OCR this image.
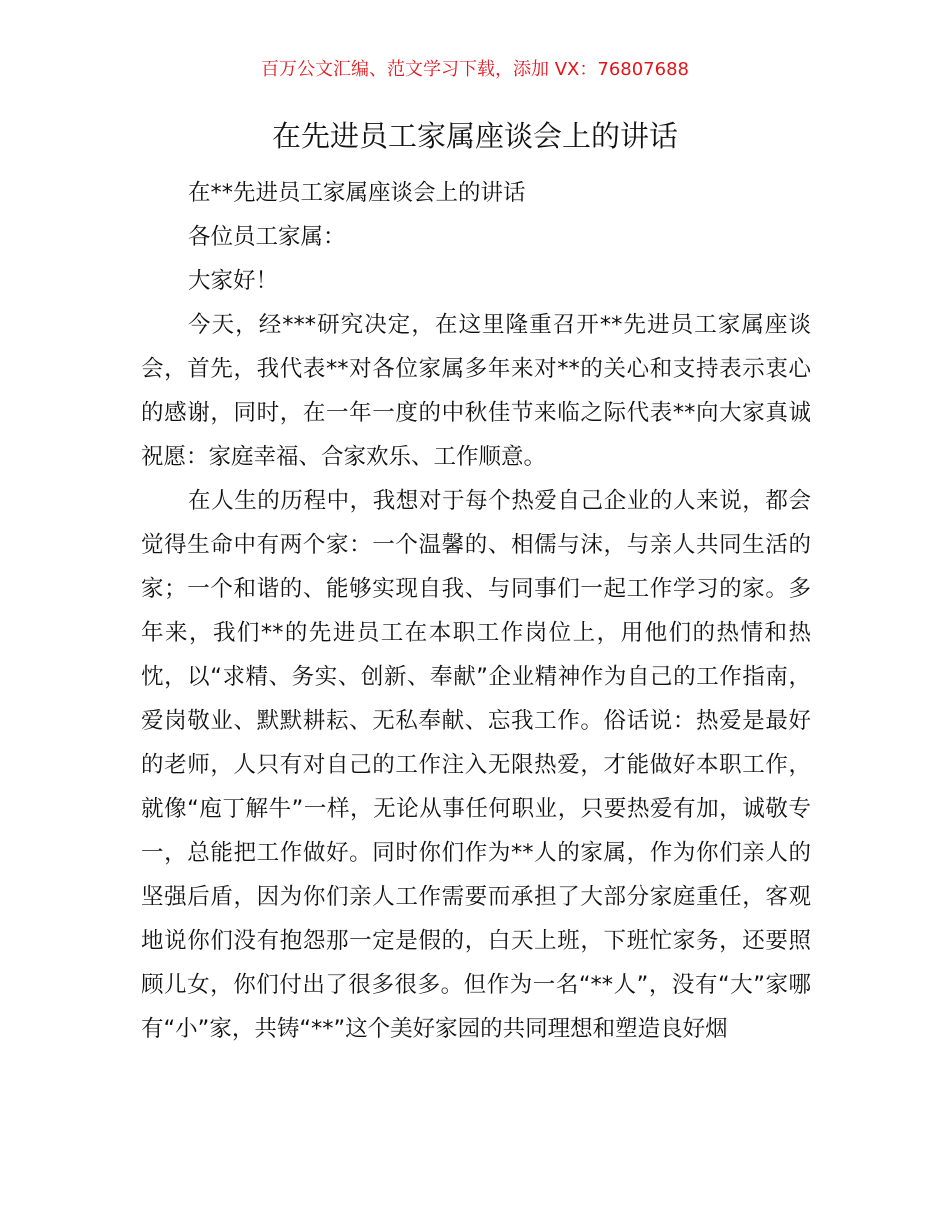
百万公文汇编、范文学习下载，添加 VX：76807688
在先进员工家属座谈会上的讲话

在**先进员工家属座谈会上的讲话

各位员工家属：

大家好！

今天，经***研究决定，在这里隆重召开**先进员工家属座谈会，首先，我代表**对各位家属多年来对**的关心和支持表示衷心的感谢，同时，在一年一度的中秋佳节来临之际代表**向大家真诚祝愿：家庭幸福、合家欢乐、工作顺意。

在人生的历程中，我想对于每个热爱自己企业的人来说，都会觉得生命中有两个家：一个温馨的、相儒与沫，与亲人共同生活的家；一个和谐的、能够实现自我、与同事们一起工作学习的家。多年来，我们**的先进员工在本职工作岗位上，用他们的热情和热忱，以“求精、务实、创新、奉献”企业精神作为自己的工作指南，爱岗敬业、默默耕耘、无私奉献、忘我工作。俗话说：热爱是最好的老师，人只有对自己的工作注入无限热爱，才能做好本职工作，就像“庖丁解牛”一样，无论从事任何职业，只要热爱有加，诚敬专一，总能把工作做好。同时你们作为**人的家属，作为你们亲人的坚强后盾，因为你们亲人工作需要而承担了大部分家庭重任，客观地说你们没有抱怨那一定是假的，白天上班，下班忙家务，还要照顾儿女，你们付出了很多很多。但作为一名“**人”，没有“大”家哪有“小”家，共铸“**”这个美好家园的共同理想和塑造良好烟
